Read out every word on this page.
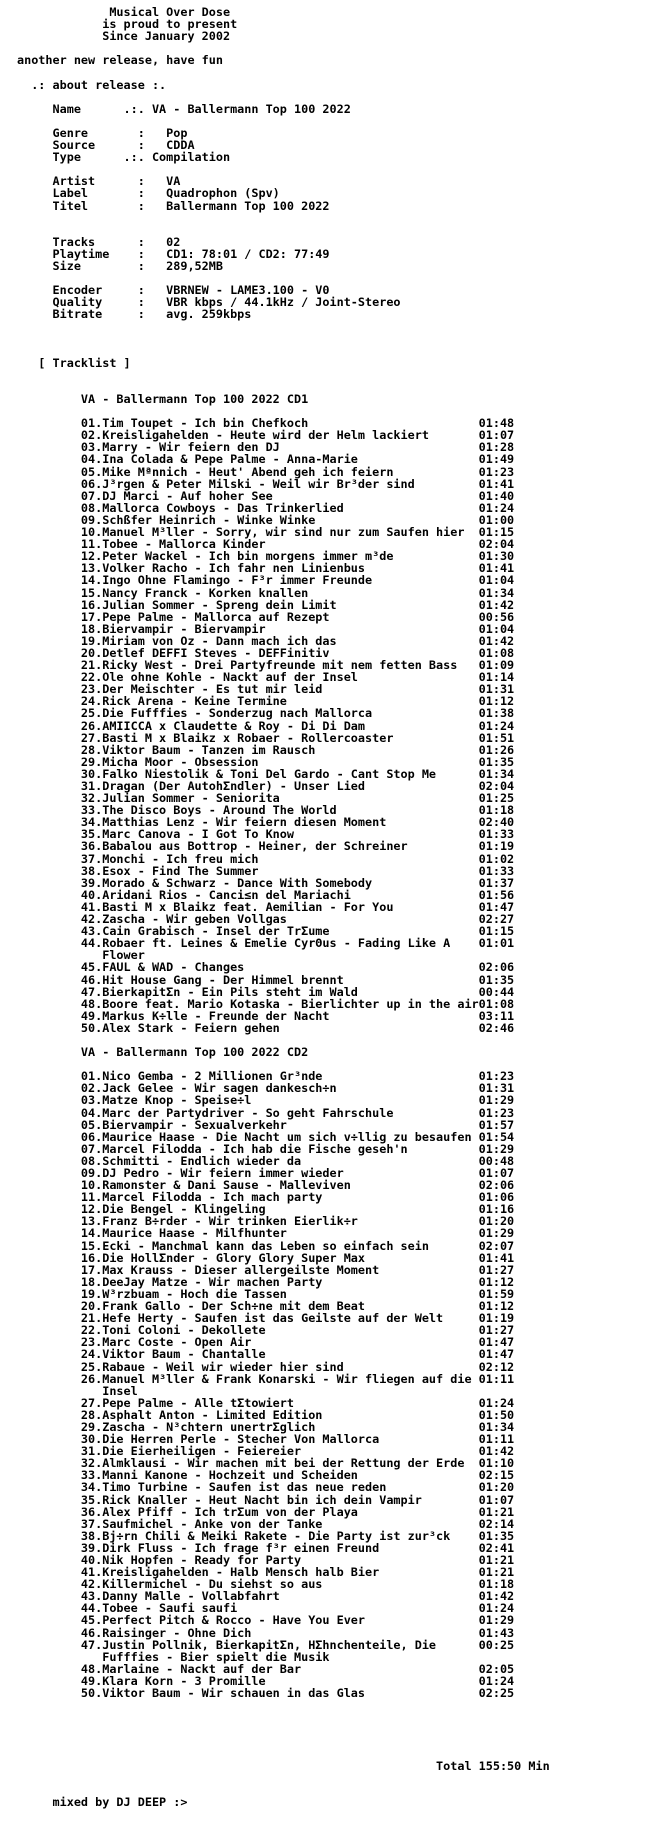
Musical Over Dose
is proud to present
Since January 2002
another new release, have fun
.: about release :.
Name      .:. VA - Ballermann Top 100 2022
Genre       :   Pop
Source      :   CDDA
Type      .:. Compilation
Artist      :   VA
Label       :   Quadrophon (Spv)
Titel       :   Ballermann Top 100 2022
Tracks      :   02
Playtime    :   CD1: 78:01 / CD2: 77:49
Size        :   289,52MB
Encoder     :   VBRNEW - LAME3.100 - V0
Quality     :   VBR kbps / 44.1kHz / Joint-Stereo
Bitrate     :   avg. 259kbps
[ Tracklist ]
VA - Ballermann Top 100 2022 CD1
01.Tim Toupet - Ich bin Chefkoch                        01:48
02.Kreisligahelden - Heute wird der Helm lackiert       01:07
03.Marry - Wir feiern den DJ                            01:28
04.Ina Colada & Pepe Palme - Anna-Marie                 01:49
05.Mike Mªnnich - Heut' Abend geh ich feiern            01:23
06.J³rgen & Peter Milski - Weil wir Br³der sind         01:41
07.DJ Marci - Auf hoher See                             01:40
08.Mallorca Cowboys - Das Trinkerlied                   01:24
09.Schßfer Heinrich - Winke Winke                       01:00
10.Manuel M³ller - Sorry, wir sind nur zum Saufen hier  01:15
11.Tobee - Mallorca Kinder                              02:04
12.Peter Wackel - Ich bin morgens immer m³de            01:30
13.Volker Racho - Ich fahr nen Linienbus                01:41
14.Ingo Ohne Flamingo - F³r immer Freunde               01:04
15.Nancy Franck - Korken knallen                        01:34
16.Julian Sommer - Spreng dein Limit                    01:42
17.Pepe Palme - Mallorca auf Rezept                     00:56
18.Biervampir - Biervampir                              01:04
19.Miriam von Oz - Dann mach ich das                    01:42
20.Detlef DEFFI Steves - DEFFinitiv                     01:08
21.Ricky West - Drei Partyfreunde mit nem fetten Bass   01:09
22.Ole ohne Kohle - Nackt auf der Insel                 01:14
23.Der Meischter - Es tut mir leid                      01:31
24.Rick Arena - Keine Termine                           01:12
25.Die Fufffies - Sonderzug nach Mallorca               01:38
26.AMIICCA x Claudette & Roy - Di Di Dam                01:24
27.Basti M x Blaikz x Robaer - Rollercoaster            01:51
28.Viktor Baum - Tanzen im Rausch                       01:26
29.Micha Moor - Obsession                               01:35
30.Falko Niestolik & Toni Del Gardo - Cant Stop Me      01:34
31.Dragan (Der AutohΣndler) - Unser Lied                02:04
32.Julian Sommer - Seniorita                            01:25
33.The Disco Boys - Around The World                    01:18
34.Matthias Lenz - Wir feiern diesen Moment             02:40
35.Marc Canova - I Got To Know                          01:33
36.Babalou aus Bottrop - Heiner, der Schreiner          01:19
37.Monchi - Ich freu mich                               01:02
38.Esox - Find The Summer                               01:33
39.Morado & Schwarz - Dance With Somebody               01:37
40.Aridani Rios - Canci≤n del Mariachi                  01:56
41.Basti M x Blaikz feat. Aemilian - For You            01:47
42.Zascha - Wir geben Vollgas                           02:27
43.Cain Grabisch - Insel der TrΣume                     01:15
44.Robaer ft. Leines & Emelie CyrΘus - Fading Like A    01:01
Flower
45.FAUL & WAD - Changes                                 02:06
46.Hit House Gang - Der Himmel brennt                   01:35
47.BierkapitΣn - Ein Pils steht im Wald                 00:44
48.Boore feat. Mario Kotaska - Bierlichter up in the air01:08
49.Markus K÷lle - Freunde der Nacht                     03:11
50.Alex Stark - Feiern gehen                            02:46
VA - Ballermann Top 100 2022 CD2
01.Nico Gemba - 2 Millionen Gr³nde                      01:23
02.Jack Gelee - Wir sagen dankesch÷n                    01:31
03.Matze Knop - Speise÷l                                01:29
04.Marc der Partydriver - So geht Fahrschule            01:23
05.Biervampir - Sexualverkehr                           01:57
06.Maurice Haase - Die Nacht um sich v÷llig zu besaufen 01:54
07.Marcel Filodda - Ich hab die Fische geseh'n          01:29
08.Schmitti - Endlich wieder da                         00:48
09.DJ Pedro - Wir feiern immer wieder                   01:07
10.Ramonster & Dani Sause - Malleviven                  02:06
11.Marcel Filodda - Ich mach party                      01:06
12.Die Bengel - Klingeling                              01:16
13.Franz B÷rder - Wir trinken Eierlik÷r                 01:20
14.Maurice Haase - Milfhunter                           01:29
15.Ecki - Manchmal kann das Leben so einfach sein       02:07
16.Die HollΣnder - Glory Glory Super Max                01:41
17.Max Krauss - Dieser allergeilste Moment              01:27
18.DeeJay Matze - Wir machen Party                      01:12
19.W³rzbuam - Hoch die Tassen                           01:59
20.Frank Gallo - Der Sch÷ne mit dem Beat                01:12
21.Hefe Herty - Saufen ist das Geilste auf der Welt     01:19
22.Toni Coloni - Dekollete                              01:27
23.Marc Coste - Open Air                                01:47
24.Viktor Baum - Chantalle                              01:47
25.Rabaue - Weil wir wieder hier sind                   02:12
26.Manuel M³ller & Frank Konarski - Wir fliegen auf die 01:11
Insel
27.Pepe Palme - Alle tΣtowiert                          01:24
28.Asphalt Anton - Limited Edition                      01:50
29.Zascha - N³chtern unertrΣglich                       01:34
30.Die Herren Perle - Stecher Von Mallorca              01:11
31.Die Eierheiligen - Feiereier                         01:42
32.Almklausi - Wir machen mit bei der Rettung der Erde  01:10
33.Manni Kanone - Hochzeit und Scheiden                 02:15
34.Timo Turbine - Saufen ist das neue reden             01:20
35.Rick Knaller - Heut Nacht bin ich dein Vampir        01:07
36.Alex Pfiff - Ich trΣum von der Playa                 01:21
37.Saufmichel - Anke von der Tanke                      02:14
38.Bj÷rn Chili & Meiki Rakete - Die Party ist zur³ck    01:35
39.Dirk Fluss - Ich frage f³r einen Freund              02:41
40.Nik Hopfen - Ready for Party                         01:21
41.Kreisligahelden - Halb Mensch halb Bier              01:21
42.Killermichel - Du siehst so aus                      01:18
43.Danny Malle - Vollabfahrt                            01:42
44.Tobee - Saufi saufi                                  01:24
45.Perfect Pitch & Rocco - Have You Ever                01:29
46.Raisinger - Ohne Dich                                01:43
47.Justin Pollnik, BierkapitΣn, HΣhnchenteile, Die      00:25
Fufffies - Bier spielt die Musik
48.Marlaine - Nackt auf der Bar                         02:05
49.Klara Korn - 3 Promille                              01:24
50.Viktor Baum - Wir schauen in das Glas                02:25
Total 155:50 Min
mixed by DJ DEEP :>
